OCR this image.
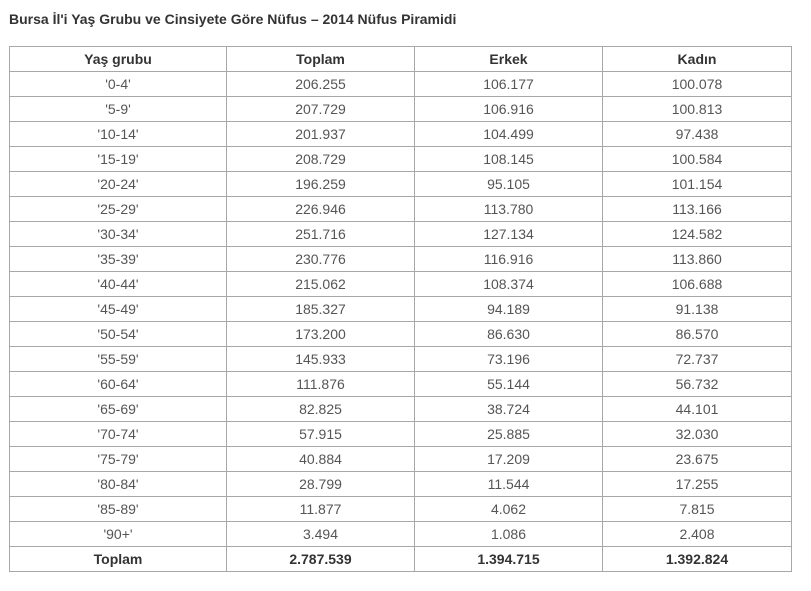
Bursa İl'i Yaş Grubu ve Cinsiyete Göre Nüfus – 2014 Nüfus Piramidi
Yaş grubu	Toplam	Erkek	Kadın
'0-4'	206.255	106.177	100.078
'5-9'	207.729	106.916	100.813
'10-14'	201.937	104.499	97.438
'15-19'	208.729	108.145	100.584
'20-24'	196.259	95.105	101.154
'25-29'	226.946	113.780	113.166
'30-34'	251.716	127.134	124.582
'35-39'	230.776	116.916	113.860
'40-44'	215.062	108.374	106.688
'45-49'	185.327	94.189	91.138
'50-54'	173.200	86.630	86.570
'55-59'	145.933	73.196	72.737
'60-64'	111.876	55.144	56.732
'65-69'	82.825	38.724	44.101
'70-74'	57.915	25.885	32.030
'75-79'	40.884	17.209	23.675
'80-84'	28.799	11.544	17.255
'85-89'	11.877	4.062	7.815
'90+'	3.494	1.086	2.408
Toplam	2.787.539	1.394.715	1.392.824
